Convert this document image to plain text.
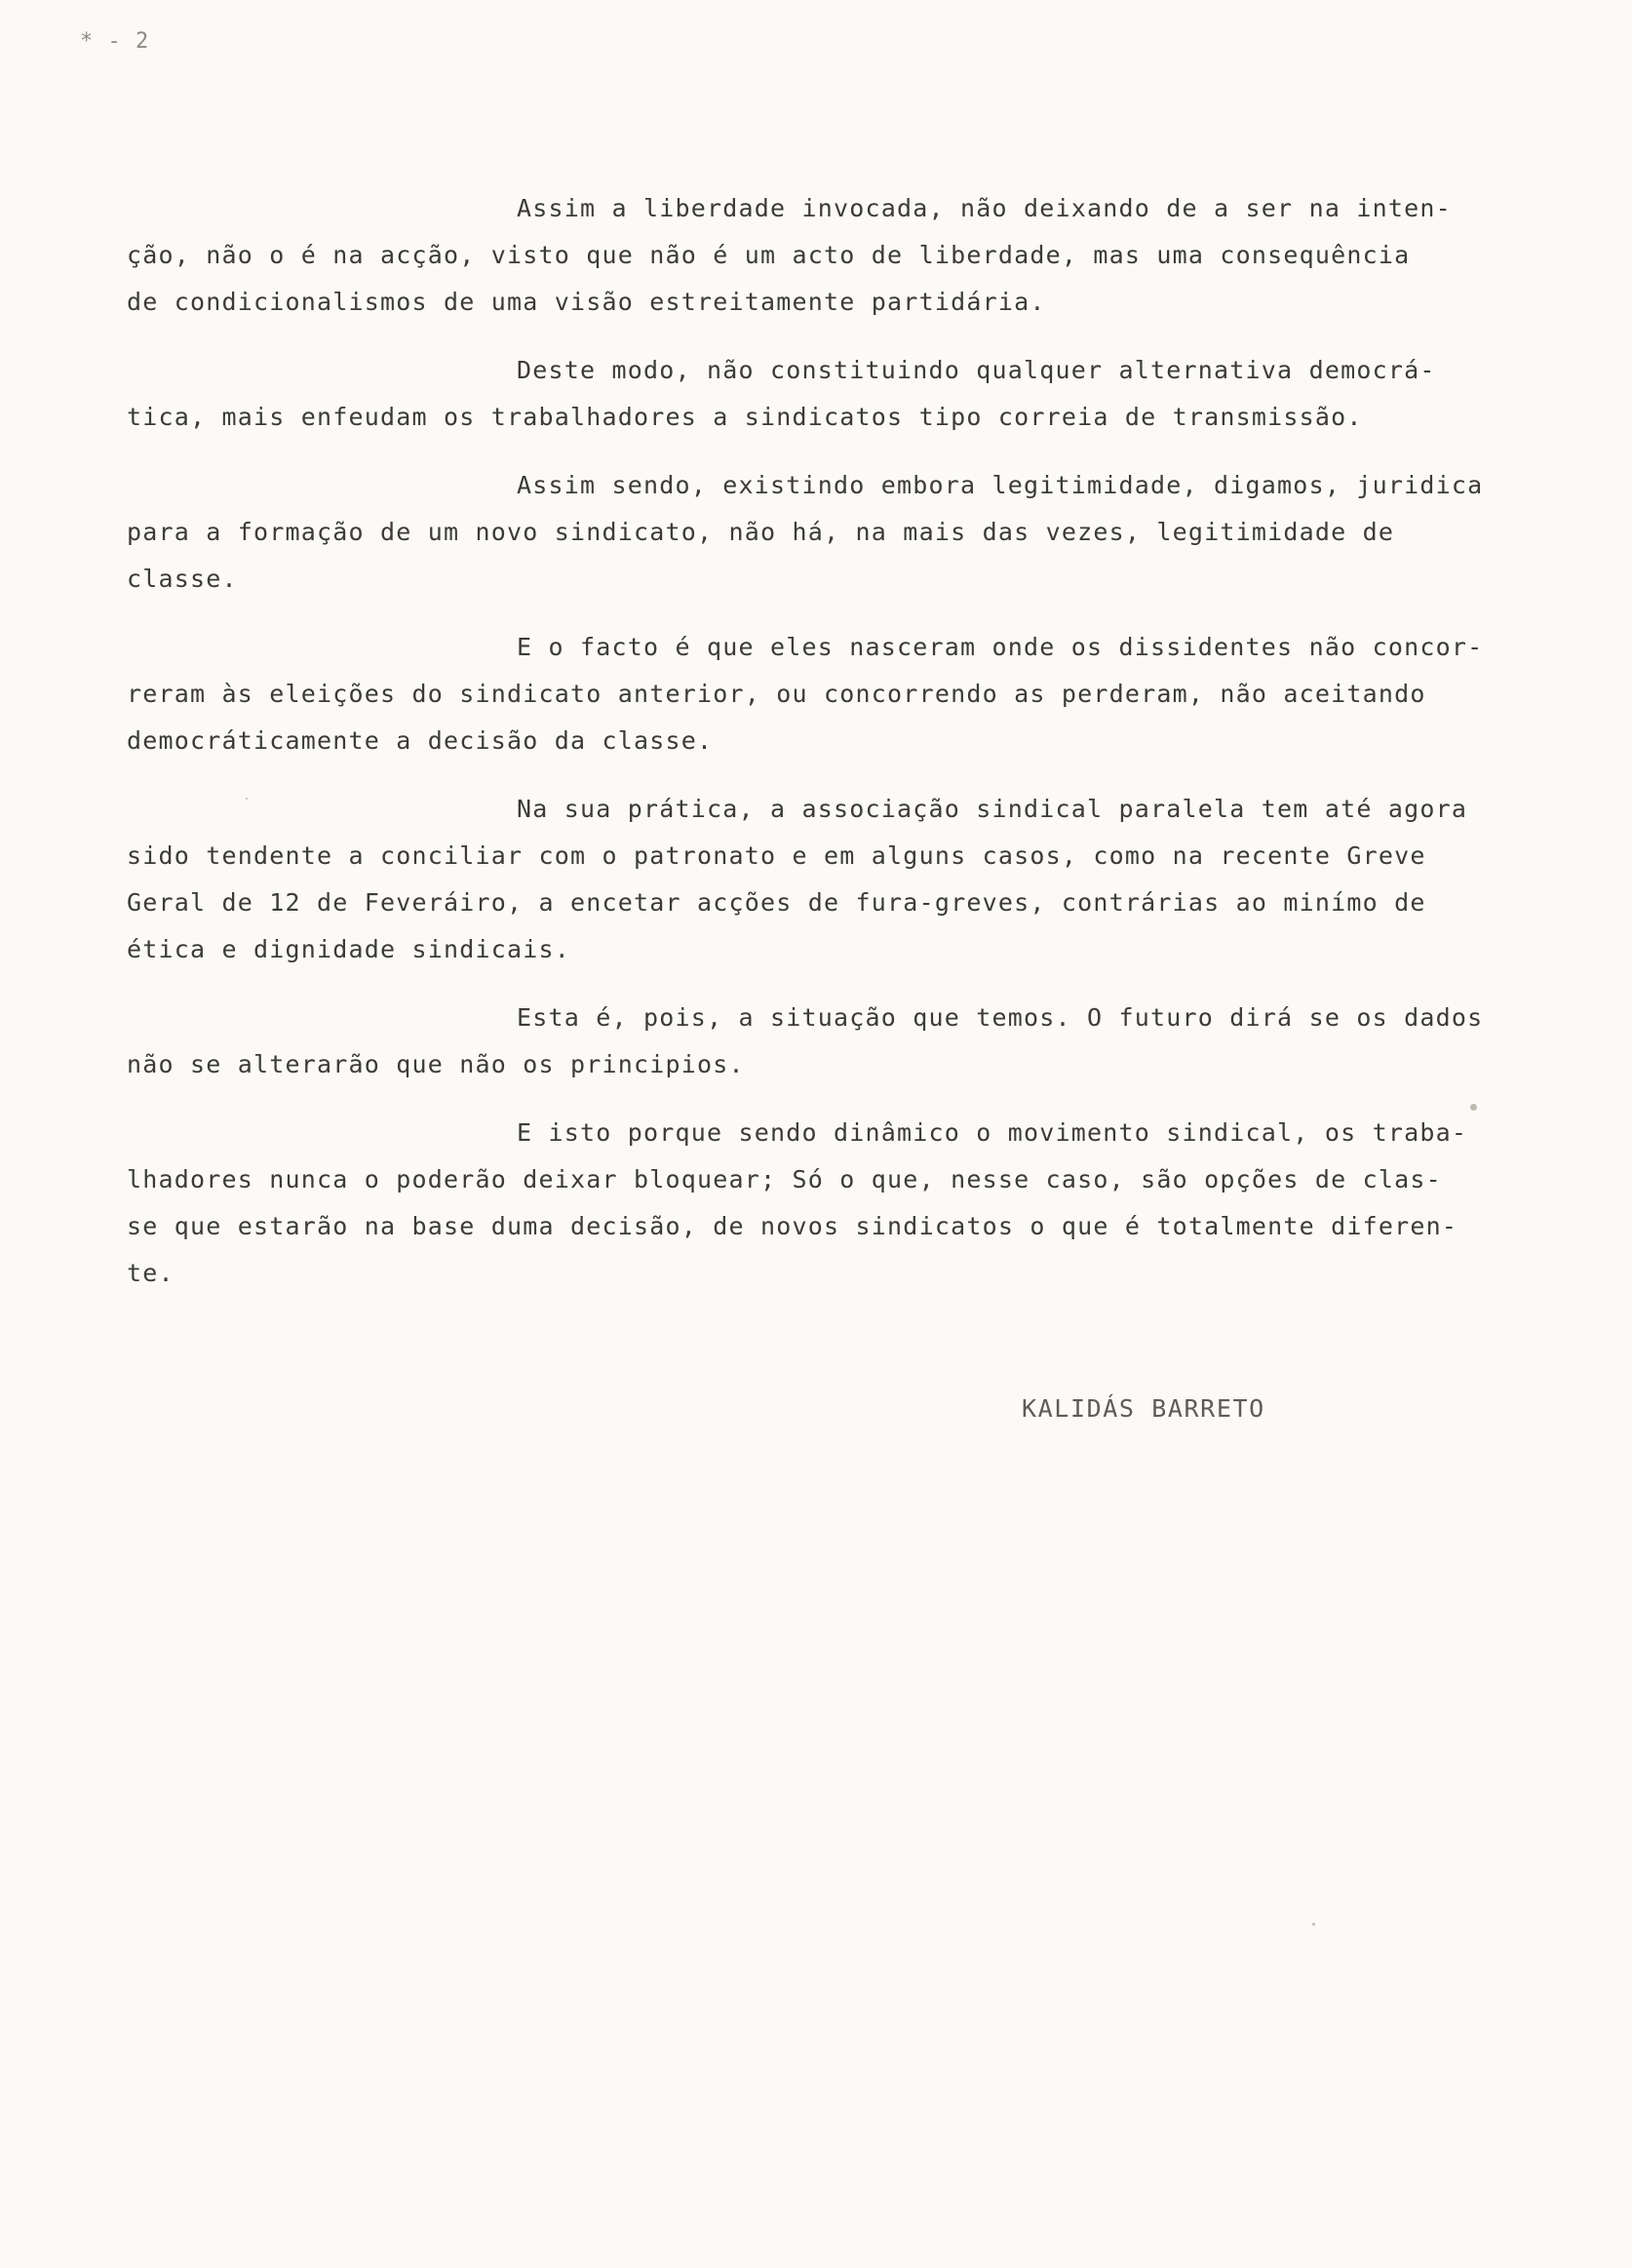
* - 2
Assim a liberdade invocada, não deixando de a ser na inten-
ção, não o é na acção, visto que não é um acto de liberdade, mas uma consequência
de condicionalismos de uma visão estreitamente partidária.
Deste modo, não constituindo qualquer alternativa democrá-
tica, mais enfeudam os trabalhadores a sindicatos tipo correia de transmissão.
Assim sendo, existindo embora legitimidade, digamos, juridica
para a formação de um novo sindicato, não há, na mais das vezes, legitimidade de
classe.
E o facto é que eles nasceram onde os dissidentes não concor-
reram às eleições do sindicato anterior, ou concorrendo as perderam, não aceitando
democráticamente a decisão da classe.
Na sua prática, a associação sindical paralela tem até agora
sido tendente a conciliar com o patronato e em alguns casos, como na recente Greve
Geral de 12 de Feveráiro, a encetar acções de fura-greves, contrárias ao minímo de
ética e dignidade sindicais.
Esta é, pois, a situação que temos. O futuro dirá se os dados
não se alterarão que não os principios.
E isto porque sendo dinâmico o movimento sindical, os traba-
lhadores nunca o poderão deixar bloquear; Só o que, nesse caso, são opções de clas-
se que estarão na base duma decisão, de novos sindicatos o que é totalmente diferen-
te.
KALIDÁS BARRETO
